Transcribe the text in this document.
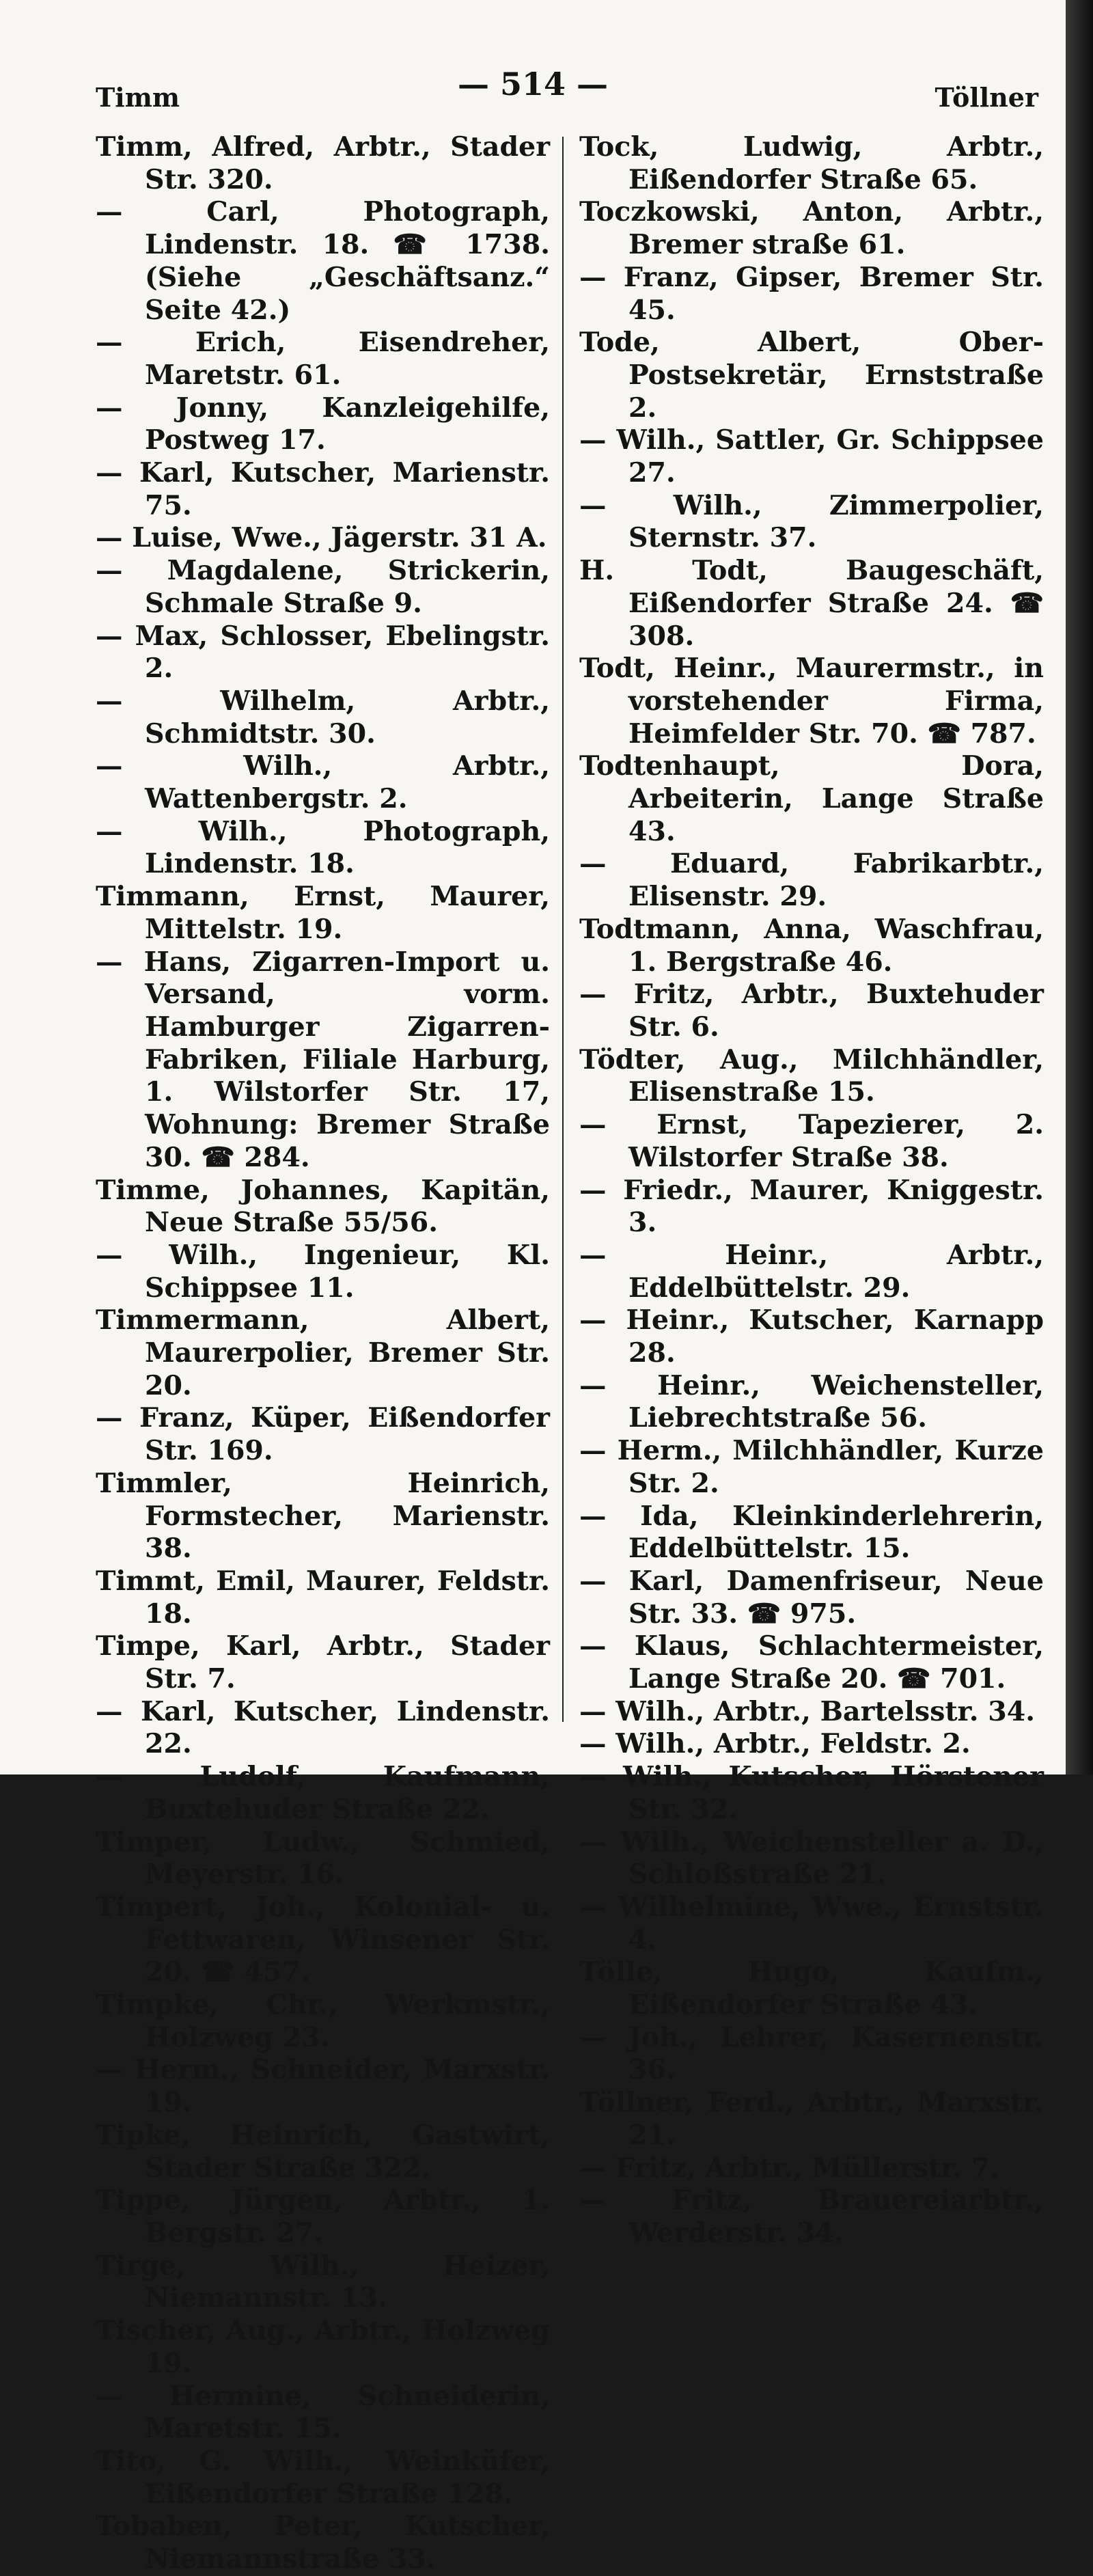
Timm	— 514 —	Töllner

Timm, Alfred, Arbtr., Stader Str. 320.

— Carl, Photograph, Lindenstr. 18. ☎ 1738. (Siehe „Geschäftsanz.“ Seite 42.)

— Erich, Eisendreher, Maretstr. 61.

— Jonny, Kanzleigehilfe, Postweg 17.

— Karl, Kutscher, Marienstr. 75.

— Luise, Wwe., Jägerstr. 31 A.

— Magdalene, Strickerin, Schmale Straße 9.

— Max, Schlosser, Ebelingstr. 2.

— Wilhelm, Arbtr., Schmidtstr. 30.

— Wilh., Arbtr., Wattenbergstr. 2.

— Wilh., Photograph, Lindenstr. 18.

Timmann, Ernst, Maurer, Mittelstr. 19.

— Hans, Zigarren-Import u. Versand, vorm. Hamburger Zigarren-Fabriken, Filiale Harburg, 1. Wilstorfer Str. 17, Wohnung: Bremer Straße 30. ☎ 284.

Timme, Johannes, Kapitän, Neue Straße 55/56.

— Wilh., Ingenieur, Kl. Schippsee 11.

Timmermann, Albert, Maurerpolier, Bremer Str. 20.

— Franz, Küper, Eißendorfer Str. 169.

Timmler, Heinrich, Formstecher, Marienstr. 38.

Timmt, Emil, Maurer, Feldstr. 18.

Timpe, Karl, Arbtr., Stader Str. 7.

— Karl, Kutscher, Lindenstr. 22.

— Ludolf, Kaufmann, Buxtehuder Straße 22.

Timper, Ludw., Schmied, Meyerstr. 16.

Timpert, Joh., Kolonial- u. Fettwaren, Winsener Str. 20. ☎ 457.

Timpke, Chr., Werkmstr., Holzweg 23.

— Herm., Schneider, Marxstr. 19.

Tipke, Heinrich, Gastwirt, Stader Straße 322.

Tippe, Jürgen, Arbtr., 1. Bergstr. 27.

Tirge, Wilh., Heizer, Niemannstr. 13.

Tischer, Aug., Arbtr., Holzweg 19.

— Hermine, Schneiderin, Maretstr. 15.

Tito, G. Wilh., Weinküfer, Eißendorfer Straße 128.

Tobaben, Peter, Kutscher, Niemannstraße 33.

Tock, Ludwig, Arbtr., Eißendorfer Straße 65.

Toczkowski, Anton, Arbtr., Bremer straße 61.

— Franz, Gipser, Bremer Str. 45.

Tode, Albert, Ober-Postsekretär, Ernststraße 2.

— Wilh., Sattler, Gr. Schippsee 27.

— Wilh., Zimmerpolier, Sternstr. 37.

H. Todt, Baugeschäft, Eißendorfer Straße 24. ☎ 308.

Todt, Heinr., Maurermstr., in vorstehender Firma, Heimfelder Str. 70. ☎ 787.

Todtenhaupt, Dora, Arbeiterin, Lange Straße 43.

— Eduard, Fabrikarbtr., Elisenstr. 29.

Todtmann, Anna, Waschfrau, 1. Bergstraße 46.

— Fritz, Arbtr., Buxtehuder Str. 6.

Tödter, Aug., Milchhändler, Elisenstraße 15.

— Ernst, Tapezierer, 2. Wilstorfer Straße 38.

— Friedr., Maurer, Kniggestr. 3.

— Heinr., Arbtr., Eddelbüttelstr. 29.

— Heinr., Kutscher, Karnapp 28.

— Heinr., Weichensteller, Liebrechtstraße 56.

— Herm., Milchhändler, Kurze Str. 2.

— Ida, Kleinkinderlehrerin, Eddelbüttelstr. 15.

— Karl, Damenfriseur, Neue Str. 33. ☎ 975.

— Klaus, Schlachtermeister, Lange Straße 20. ☎ 701.

— Wilh., Arbtr., Bartelsstr. 34.

— Wilh., Arbtr., Feldstr. 2.

— Wilh., Kutscher, Hörstener Str. 32.

— Wilh., Weichensteller a. D., Schloßstraße 21.

— Wilhelmine, Wwe., Ernststr. 4.

Tölle, Hugo, Kaufm., Eißendorfer Straße 43.

— Joh., Lehrer, Kasernenstr. 36.

Töllner, Ferd., Arbtr., Marxstr. 21.

— Fritz, Arbtr., Müllerstr. 7.

— Fritz, Brauereiarbtr., Werderstr. 34.
